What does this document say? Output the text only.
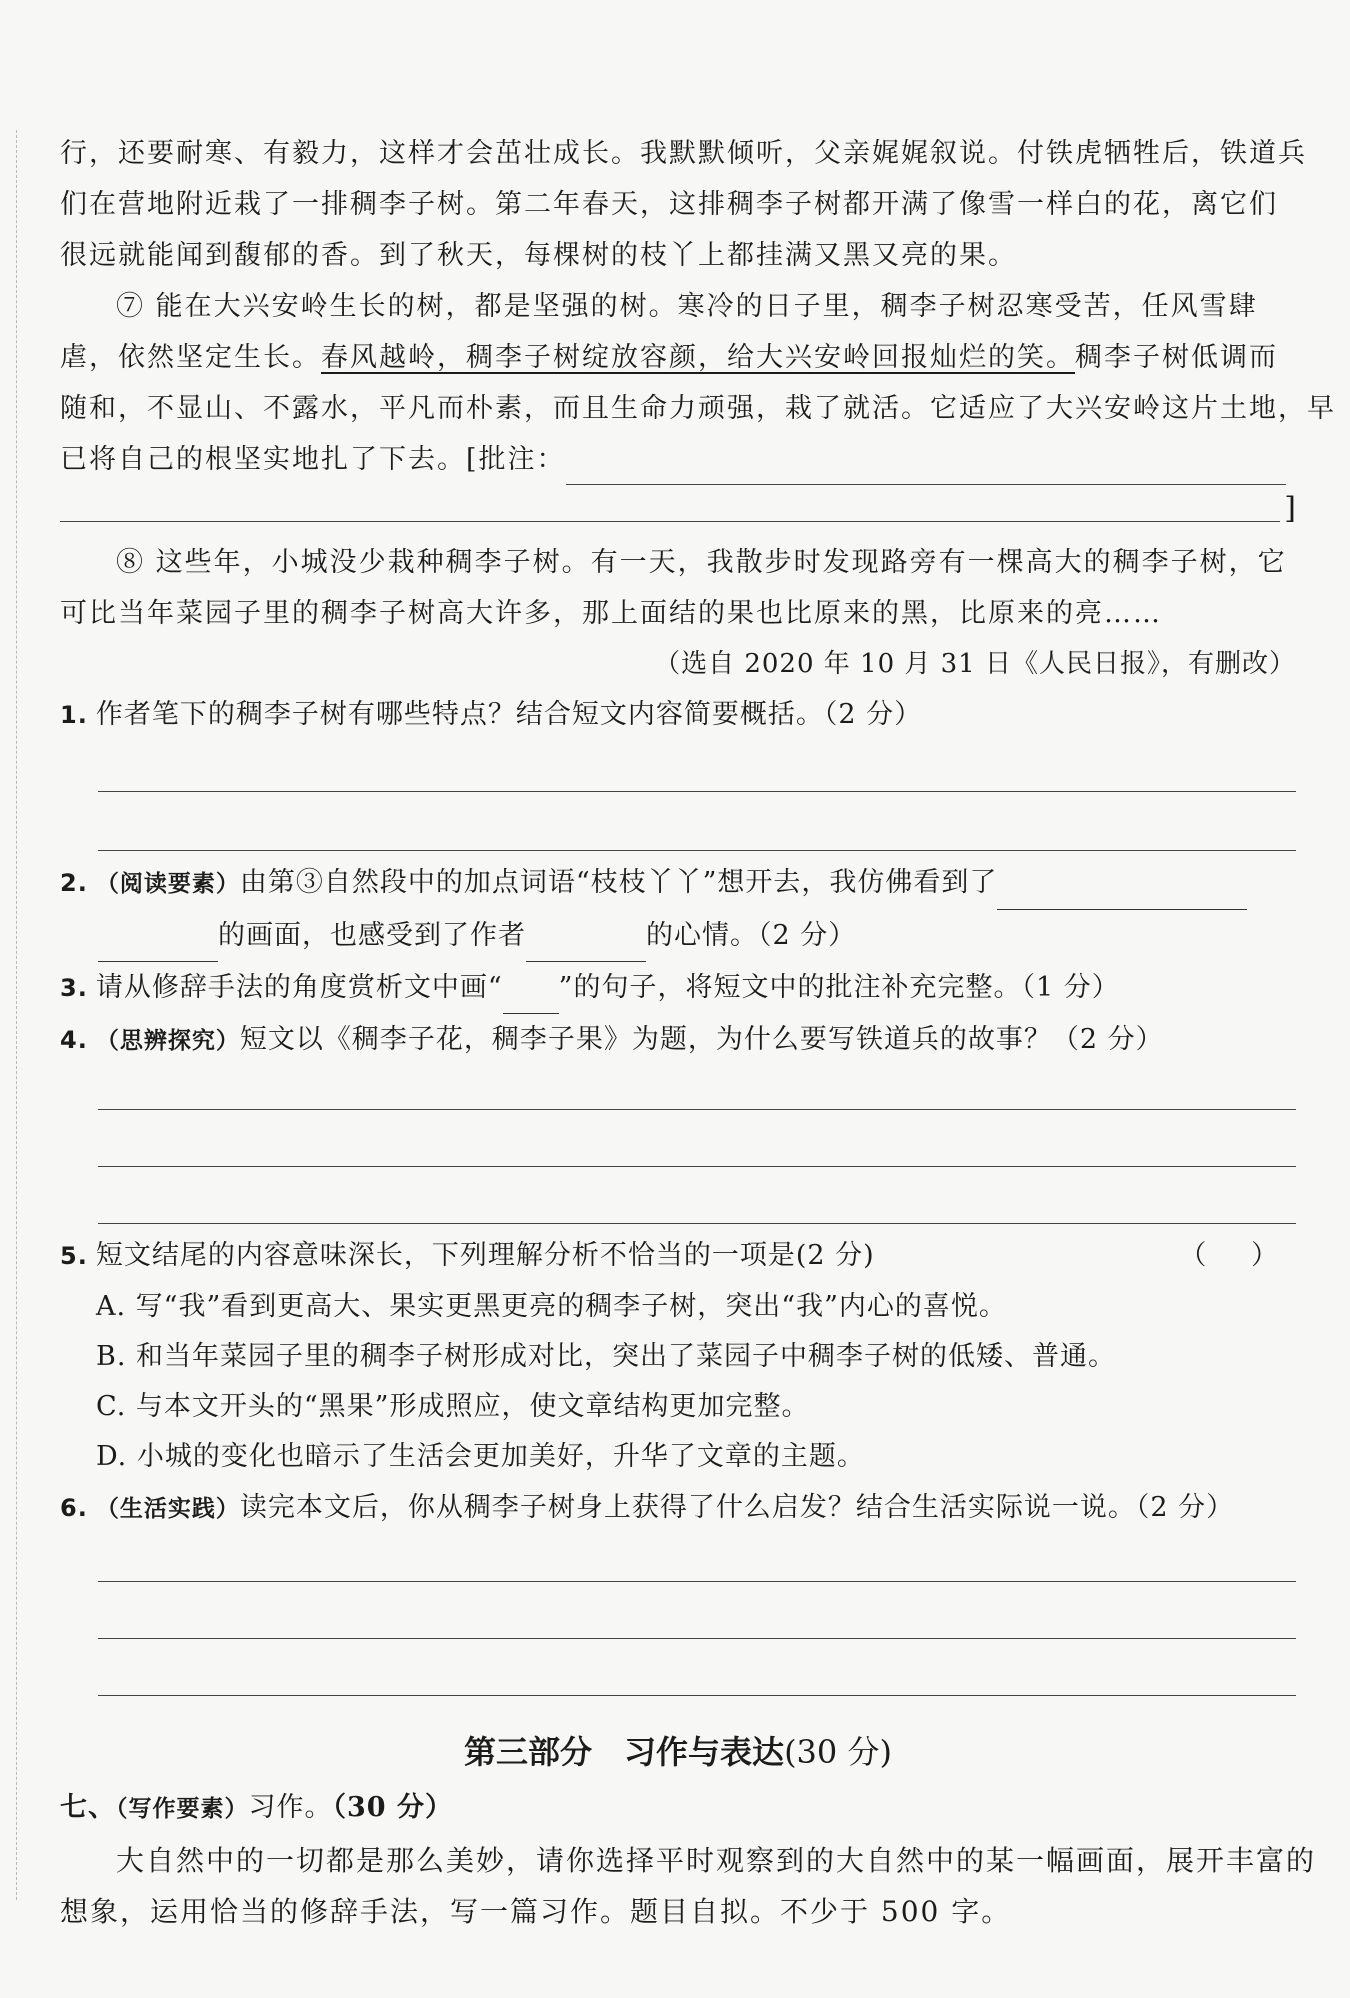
行，还要耐寒、有毅力，这样才会茁壮成长。我默默倾听，父亲娓娓叙说。付铁虎牺牲后，铁道兵
们在营地附近栽了一排稠李子树。第二年春天，这排稠李子树都开满了像雪一样白的花，离它们
很远就能闻到馥郁的香。到了秋天，每棵树的枝丫上都挂满又黑又亮的果。
⑦ 能在大兴安岭生长的树，都是坚强的树。寒冷的日子里，稠李子树忍寒受苦，任风雪肆
虐，依然坚定生长。春风越岭，稠李子树绽放容颜，给大兴安岭回报灿烂的笑。稠李子树低调而
随和，不显山、不露水，平凡而朴素，而且生命力顽强，栽了就活。它适应了大兴安岭这片土地，早
已将自己的根坚实地扎了下去。[批注：
]
⑧ 这些年，小城没少栽种稠李子树。有一天，我散步时发现路旁有一棵高大的稠李子树，它
可比当年菜园子里的稠李子树高大许多，那上面结的果也比原来的黑，比原来的亮……
（选自 2020 年 10 月 31 日《人民日报》，有删改）
1. 作者笔下的稠李子树有哪些特点？结合短文内容简要概括。（2 分）
2. （阅读要素）由第③自然段中的加点词语“枝枝丫丫”想开去，我仿佛看到了
的画面，也感受到了作者	的心情。（2 分）
3. 请从修辞手法的角度赏析文中画“ ”的句子，将短文中的批注补充完整。（1 分）
4. （思辨探究）短文以《稠李子花，稠李子果》为题，为什么要写铁道兵的故事？（2 分）
5. 短文结尾的内容意味深长，下列理解分析不恰当的一项是(2 分)	（ ）
A. 写“我”看到更高大、果实更黑更亮的稠李子树，突出“我”内心的喜悦。
B. 和当年菜园子里的稠李子树形成对比，突出了菜园子中稠李子树的低矮、普通。
C. 与本文开头的“黑果”形成照应，使文章结构更加完整。
D. 小城的变化也暗示了生活会更加美好，升华了文章的主题。
6. （生活实践）读完本文后，你从稠李子树身上获得了什么启发？结合生活实际说一说。（2 分）
第三部分　习作与表达(30 分)
七、（写作要素）习作。（30 分）
大自然中的一切都是那么美妙，请你选择平时观察到的大自然中的某一幅画面，展开丰富的
想象，运用恰当的修辞手法，写一篇习作。题目自拟。不少于 500 字。
